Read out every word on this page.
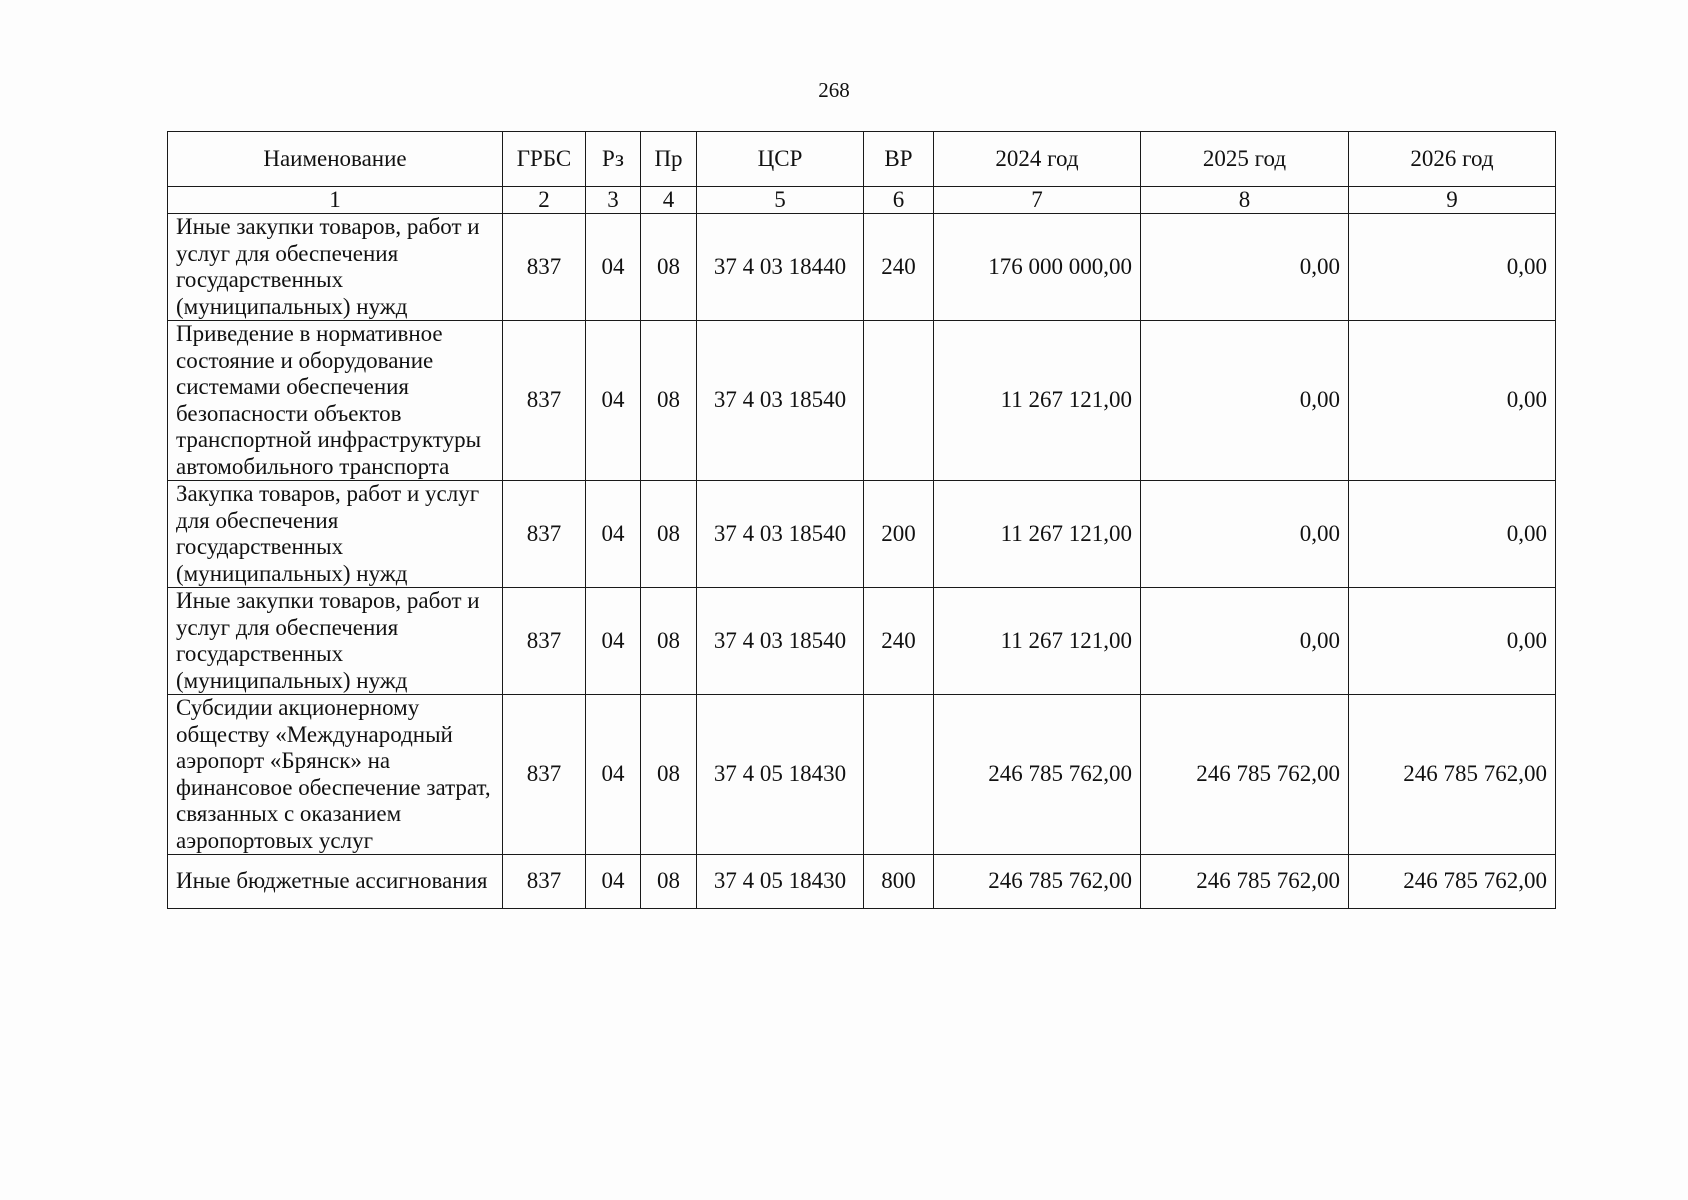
268
Наименование	ГРБС	Рз	Пр	ЦСР	ВР	2024 год	2025 год	2026 год
1	2	3	4	5	6	7	8	9
Иные закупки товаров, работ и услуг для обеспечения государственных (муниципальных) нужд	837	04	08	37 4 03 18440	240	176 000 000,00	0,00	0,00
Приведение в нормативное состояние и оборудование системами обеспечения безопасности объектов транспортной инфраструктуры автомобильного транспорта	837	04	08	37 4 03 18540		11 267 121,00	0,00	0,00
Закупка товаров, работ и услуг для обеспечения государственных (муниципальных) нужд	837	04	08	37 4 03 18540	200	11 267 121,00	0,00	0,00
Иные закупки товаров, работ и услуг для обеспечения государственных (муниципальных) нужд	837	04	08	37 4 03 18540	240	11 267 121,00	0,00	0,00
Субсидии акционерному обществу «Международный аэропорт «Брянск» на финансовое обеспечение затрат, связанных с оказанием аэропортовых услуг	837	04	08	37 4 05 18430		246 785 762,00	246 785 762,00	246 785 762,00
Иные бюджетные ассигнования	837	04	08	37 4 05 18430	800	246 785 762,00	246 785 762,00	246 785 762,00
